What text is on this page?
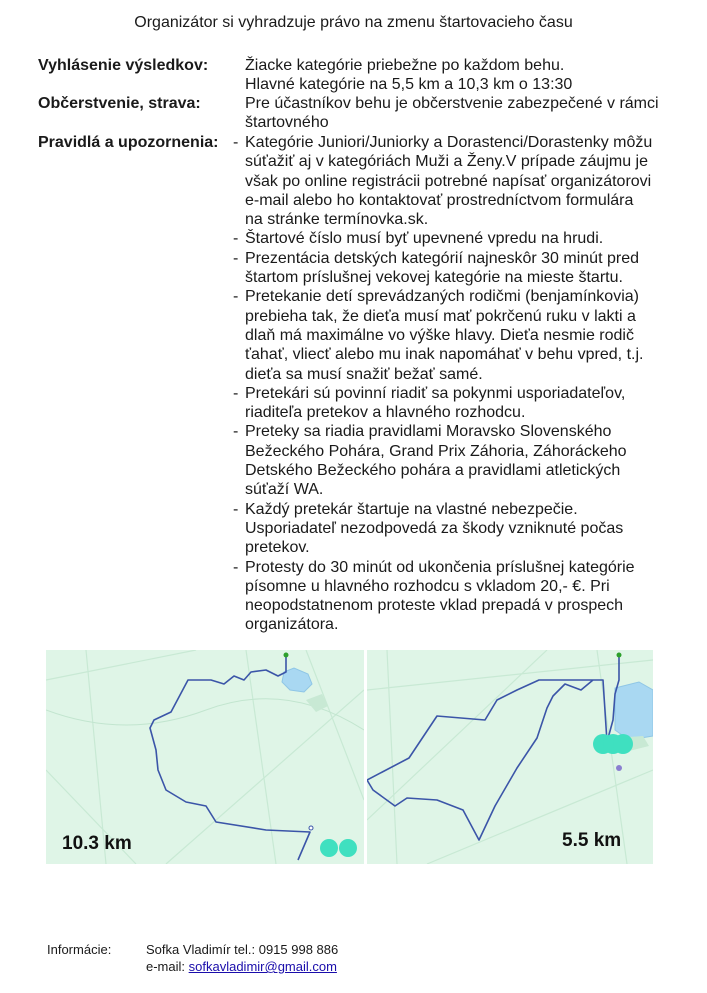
Organizátor si vyhradzuje právo na zmenu štartovacieho času
Vyhlásenie výsledkov: Žiacke kategórie priebežne po každom behu.
Hlavné kategórie na 5,5 km a 10,3 km o 13:30
Občerstvenie, strava:	Pre účastníkov behu je občerstvenie zabezpečené v rámci
štartovného
Pravidlá a upozornenia: - Kategórie Juniori/Juniorky a Dorastenci/Dorastenky môžu
súťažiť aj v kategóriách Muži a Ženy.V prípade záujmu je
však po online registrácii potrebné napísať organizátorovi
e-mail alebo ho kontaktovať prostredníctvom formulára
na stránke termínovka.sk.
- Štartové číslo musí byť upevnené vpredu na hrudi.
- Prezentácia detských kategórií najneskôr 30 minút pred
štartom príslušnej vekovej kategórie na mieste štartu.
- Pretekanie detí sprevádzaných rodičmi (benjamínkovia)
prebieha tak, že dieťa musí mať pokrčenú ruku v lakti a
dlaň má maximálne vo výške hlavy. Dieťa nesmie rodič
ťahať, vliecť alebo mu inak napomáhať v behu vpred, t.j.
dieťa sa musí snažiť bežať samé.
- Pretekári sú povinní riadiť sa pokynmi usporiadateľov,
riaditeľa pretekov a hlavného rozhodcu.
- Preteky sa riadia pravidlami Moravsko Slovenského
Bežeckého Pohára, Grand Prix Záhoria, Záhoráckeho
Detského Bežeckého pohára a pravidlami atletických
súťaží WA.
- Každý pretekár štartuje na vlastné nebezpečie.
Usporiadateľ nezodpovedá za škody vzniknuté počas
pretekov.
- Protesty do 30 minút od ukončenia príslušnej kategórie
písomne u hlavného rozhodcu s vkladom 20,- €. Pri
neopodstatnenom proteste vklad prepadá v prospech
organizátora.
10.3 km	5.5 km
Informácie:	Sofka Vladimír tel.: 0915 998 886
e-mail: sofkavladimir@gmail.com
